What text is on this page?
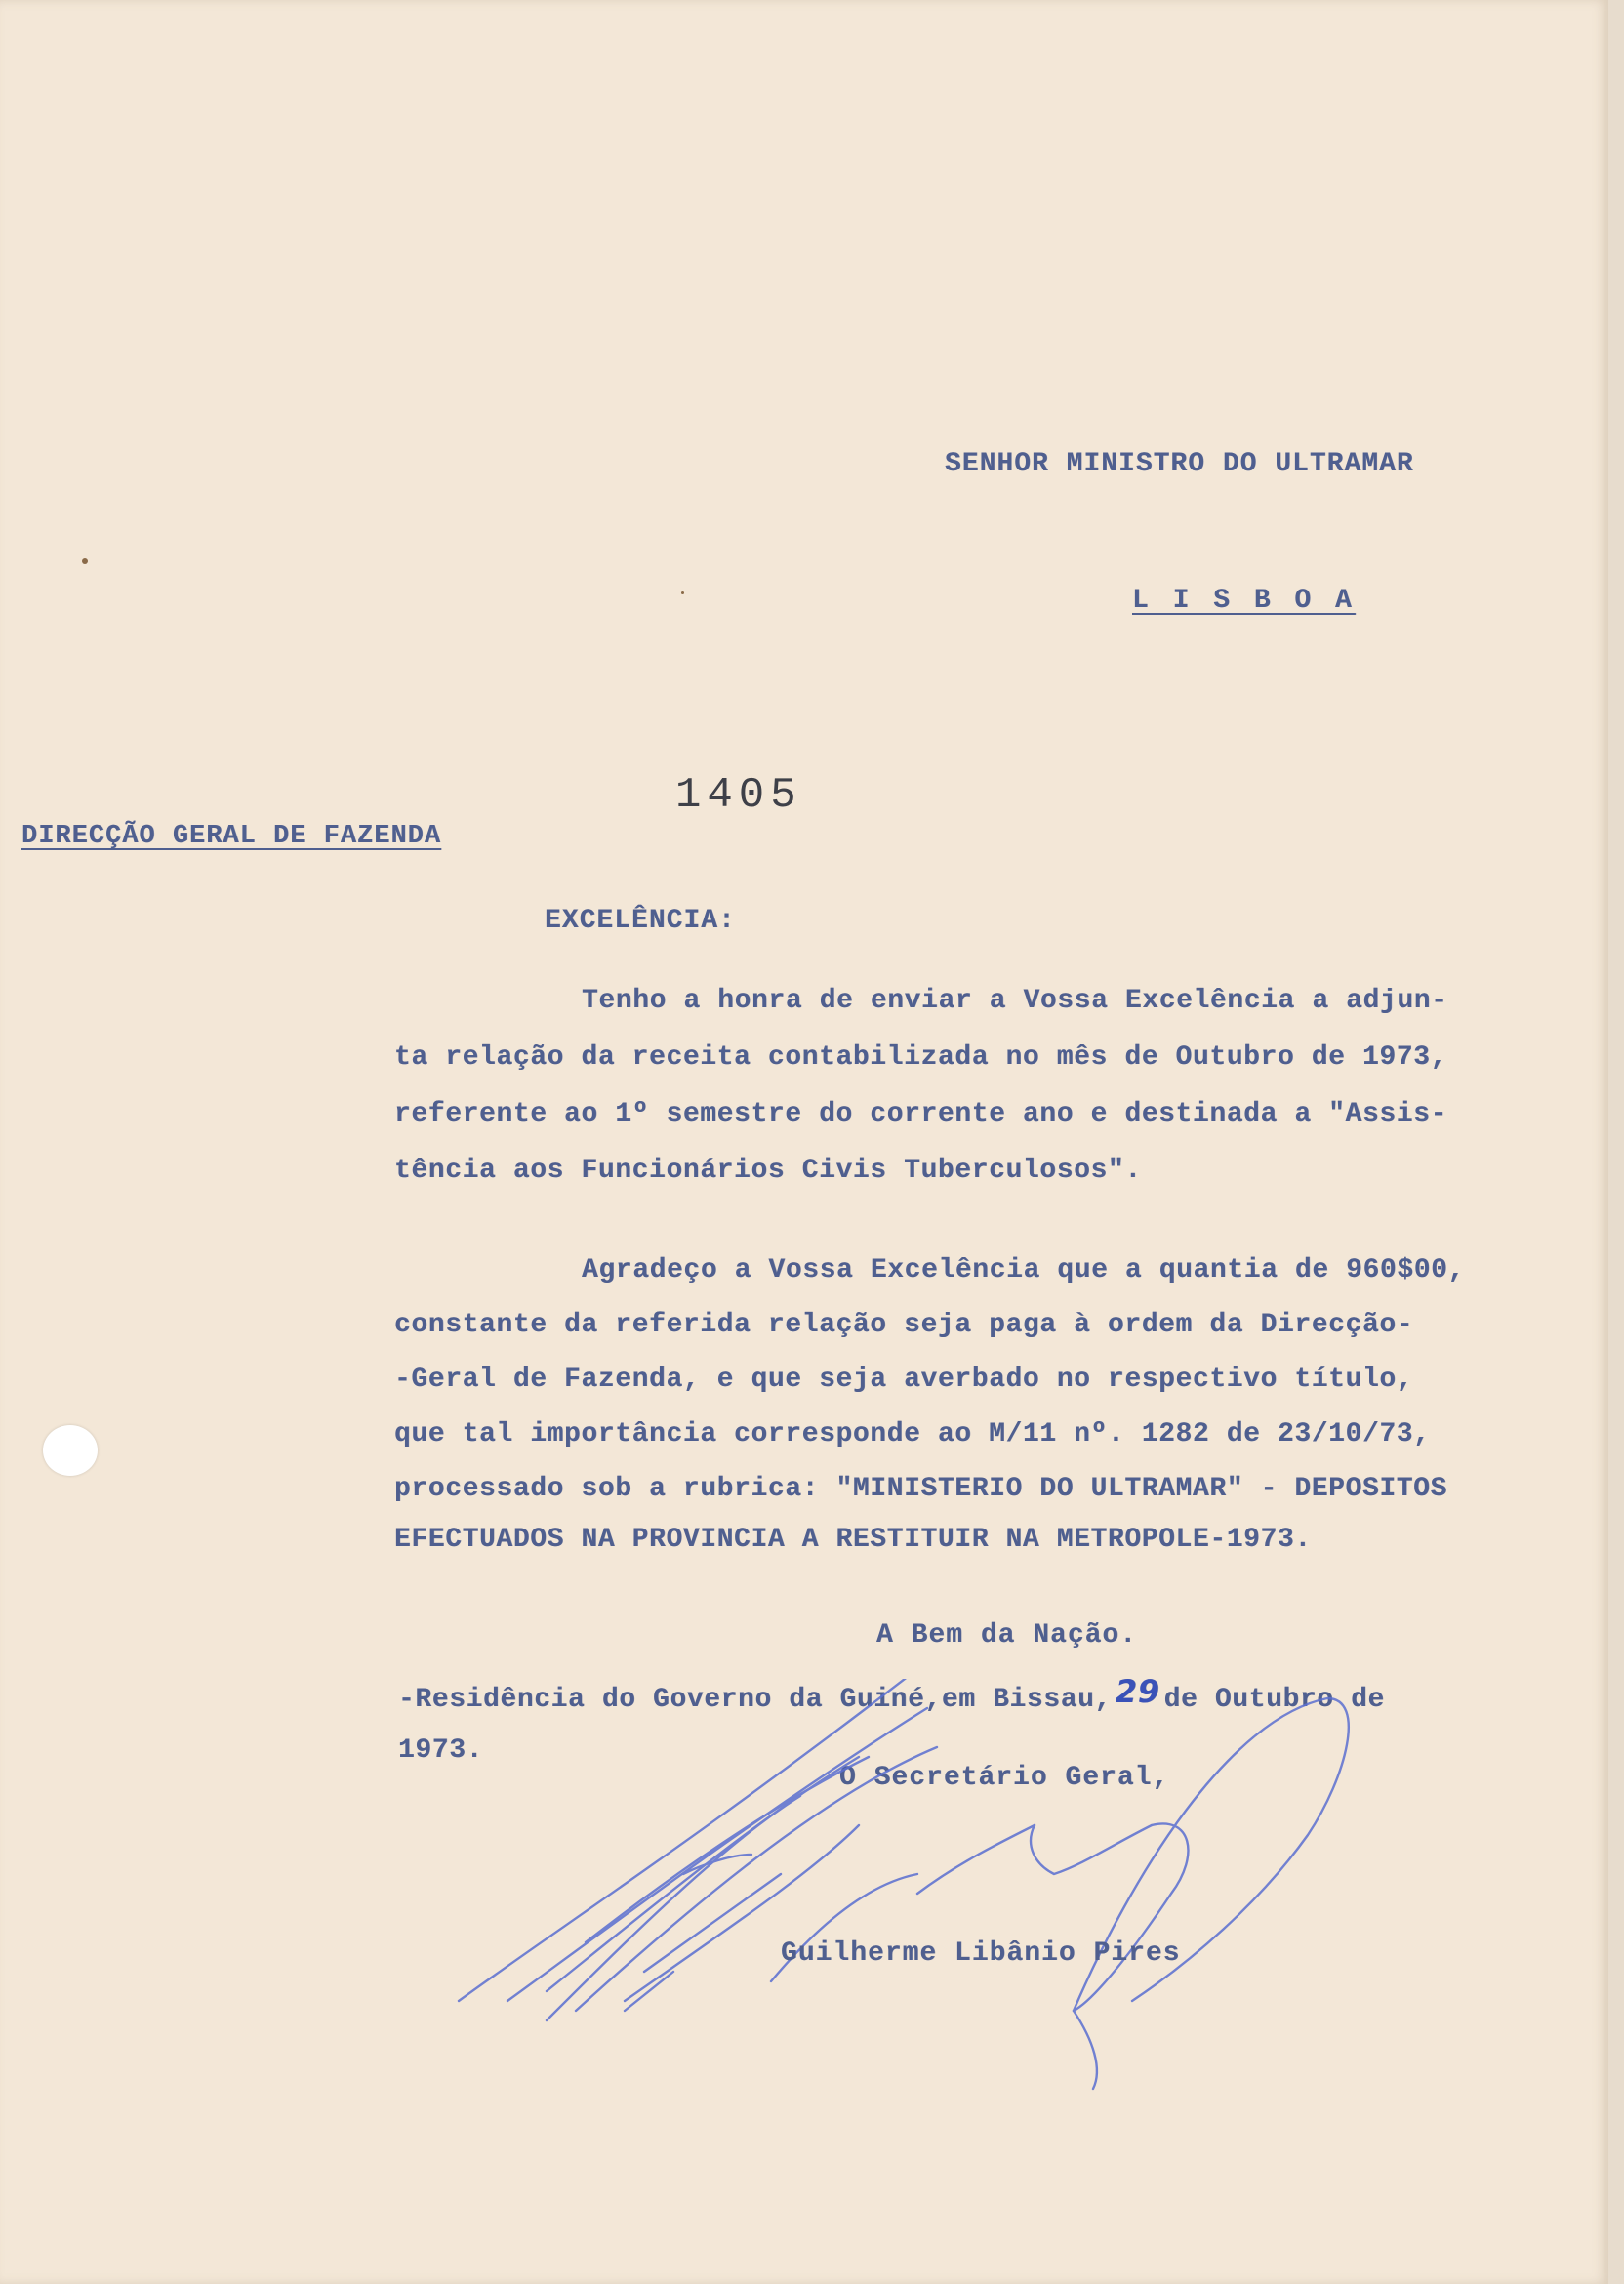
SENHOR MINISTRO DO ULTRAMAR
L I S B O A
1405
DIRECÇÃO GERAL DE FAZENDA
EXCELÊNCIA:
Tenho a honra de enviar a Vossa Excelência a adjun-
ta relação da receita contabilizada no mês de Outubro de 1973,
referente ao 1º semestre do corrente ano e destinada a "Assis-
tência aos Funcionários Civis Tuberculosos".
Agradeço a Vossa Excelência que a quantia de 960$00,
constante da referida relação seja paga à ordem da Direcção-
-Geral de Fazenda, e que seja averbado no respectivo título,
que tal importância corresponde ao M/11 nº. 1282 de 23/10/73,
processado sob a rubrica: "MINISTERIO DO ULTRAMAR" - DEPOSITOS
EFECTUADOS NA PROVINCIA A RESTITUIR NA METROPOLE-1973.
A Bem da Nação.
-Residência do Governo da Guiné,em Bissau, 29 de Outubro de
1973.
O Secretário Geral,
Guilherme Libânio Pires
